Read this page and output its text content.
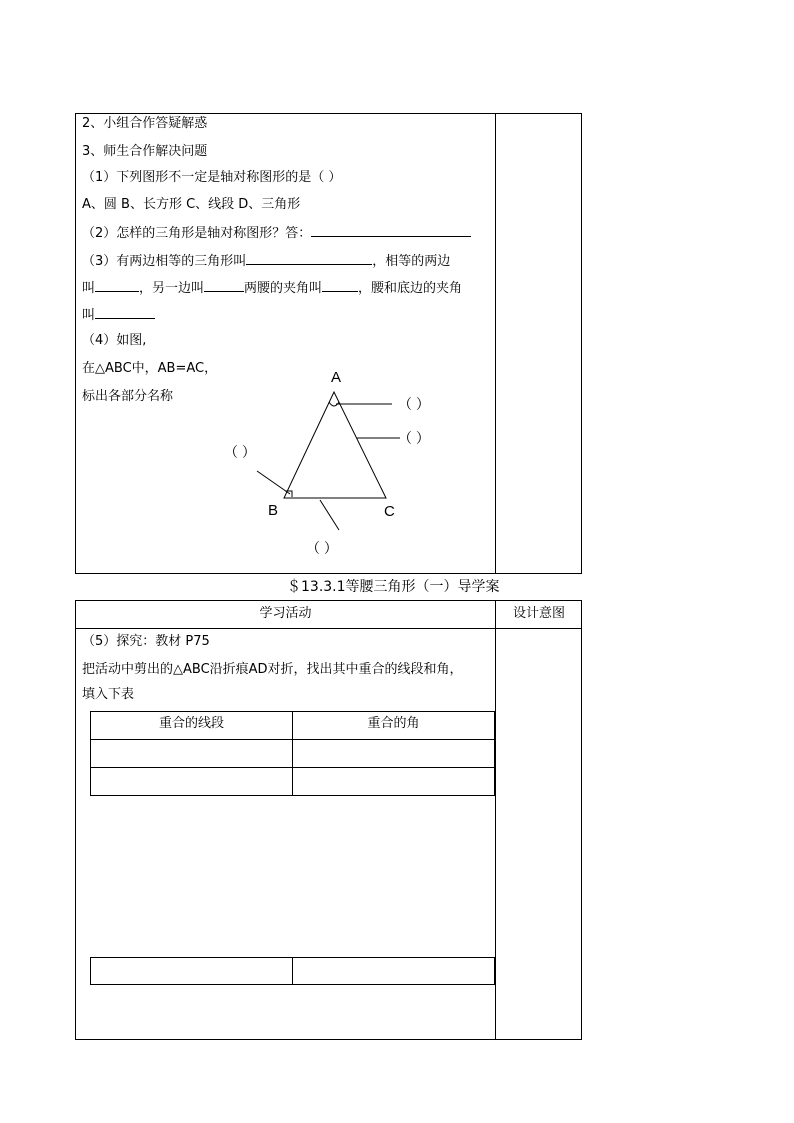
2、小组合作答疑解惑
3、师生合作解决问题
（1）下列图形不一定是轴对称图形的是（ ）
A、圆 B、长方形 C、线段 D、三角形
（2）怎样的三角形是轴对称图形？答：
（3）有两边相等的三角形叫	，相等的两边
叫	，另一边叫	两腰的夹角叫	，腰和底边的夹角
叫
（4）如图,
在△ABC中，AB=AC，
标出各部分名称
A
B	C
（ ）
（ ）
（ ）
（ ）
＄13.3.1等腰三角形（一）导学案
学习活动	设计意图
（5）探究：教材 P75
把活动中剪出的△ABC沿折痕AD对折，找出其中重合的线段和角，
填入下表
重合的线段	重合的角
